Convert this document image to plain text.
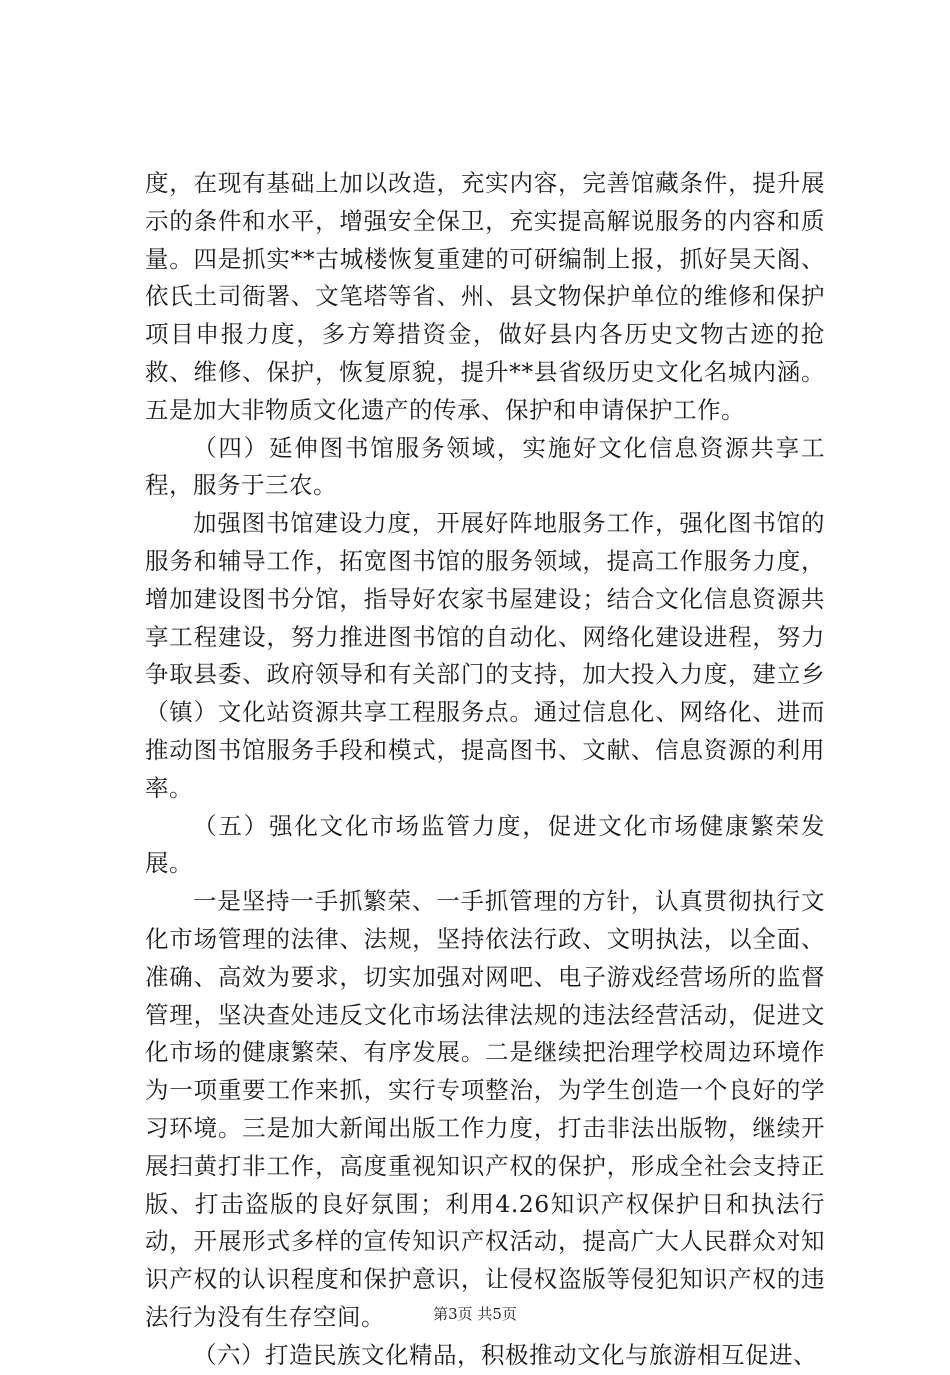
度，在现有基础上加以改造，充实内容，完善馆藏条件，提升展示的条件和水平，增强安全保卫，充实提高解说服务的内容和质量。四是抓实**古城楼恢复重建的可研编制上报，抓好昊天阁、依氏土司衙署、文笔塔等省、州、县文物保护单位的维修和保护项目申报力度，多方筹措资金，做好县内各历史文物古迹的抢救、维修、保护，恢复原貌，提升**县省级历史文化名城内涵。五是加大非物质文化遗产的传承、保护和申请保护工作。

（四）延伸图书馆服务领域，实施好文化信息资源共享工程，服务于三农。

加强图书馆建设力度，开展好阵地服务工作，强化图书馆的服务和辅导工作，拓宽图书馆的服务领域，提高工作服务力度，增加建设图书分馆，指导好农家书屋建设；结合文化信息资源共享工程建设，努力推进图书馆的自动化、网络化建设进程，努力争取县委、政府领导和有关部门的支持，加大投入力度，建立乡（镇）文化站资源共享工程服务点。通过信息化、网络化、进而推动图书馆服务手段和模式，提高图书、文献、信息资源的利用率。

（五）强化文化市场监管力度，促进文化市场健康繁荣发展。

一是坚持一手抓繁荣、一手抓管理的方针，认真贯彻执行文化市场管理的法律、法规，坚持依法行政、文明执法，以全面、准确、高效为要求，切实加强对网吧、电子游戏经营场所的监督管理，坚决查处违反文化市场法律法规的违法经营活动，促进文化市场的健康繁荣、有序发展。二是继续把治理学校周边环境作为一项重要工作来抓，实行专项整治，为学生创造一个良好的学习环境。三是加大新闻出版工作力度，打击非法出版物，继续开展扫黄打非工作，高度重视知识产权的保护，形成全社会支持正版、打击盗版的良好氛围；利用4.26知识产权保护日和执法行动，开展形式多样的宣传知识产权活动，提高广大人民群众对知识产权的认识程度和保护意识，让侵权盗版等侵犯知识产权的违法行为没有生存空间。

（六）打造民族文化精品，积极推动文化与旅游相互促进、

第3页 共5页
